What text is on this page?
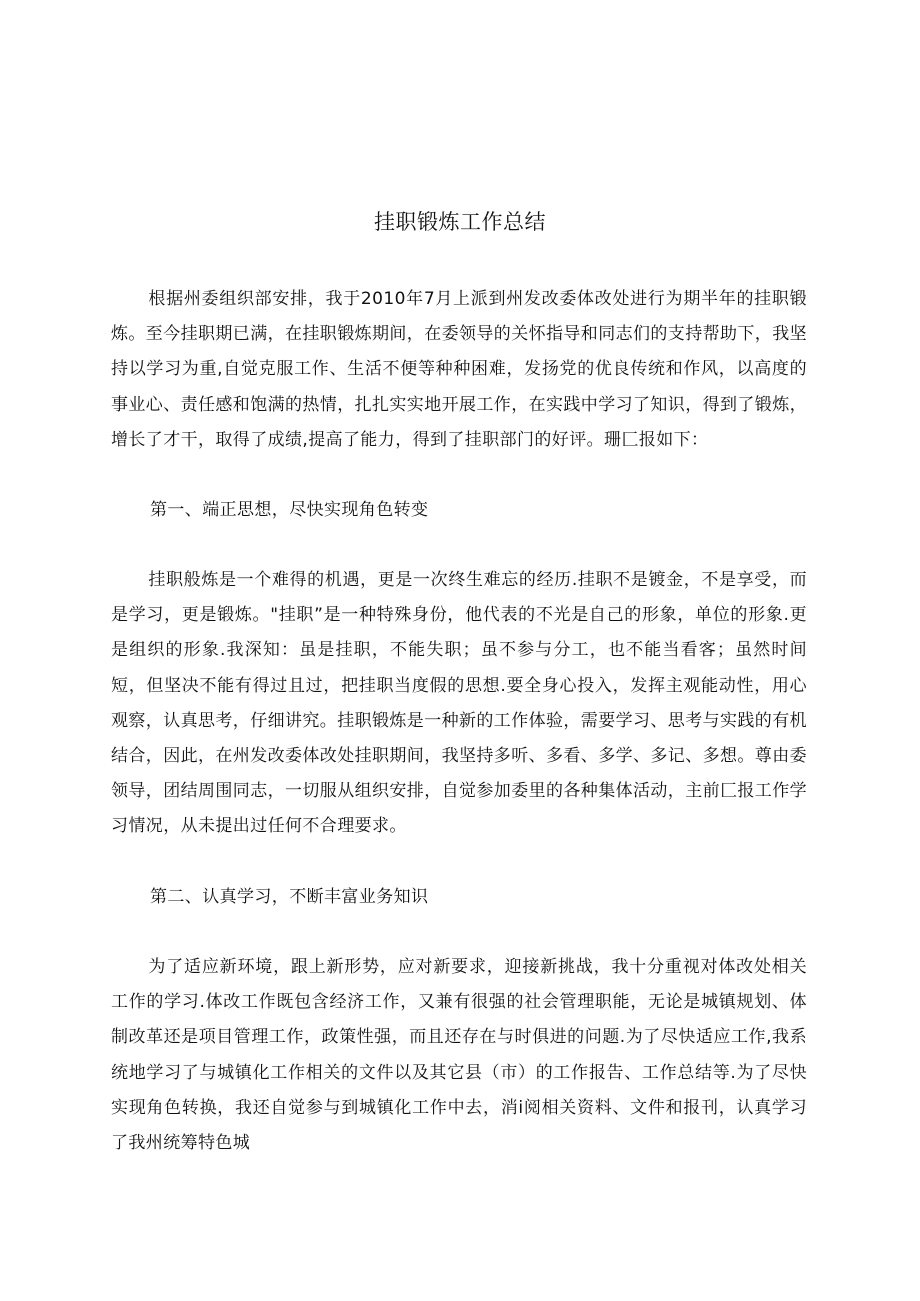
挂职锻炼工作总结

根据州委组织部安排，我于2010年7月上派到州发改委体改处进行为期半年的挂职锻炼。至今挂职期已满，在挂职锻炼期间，在委领导的关怀指导和同志们的支持帮助下，我坚持以学习为重,自觉克服工作、生活不便等种种困难，发扬党的优良传统和作风，以高度的事业心、责任感和饱满的热情，扎扎实实地开展工作，在实践中学习了知识，得到了锻炼，增长了才干，取得了成绩,提高了能力，得到了挂职部门的好评。珊匚报如下：

第一、端正思想，尽快实现角色转变

挂职般炼是一个难得的机遇，更是一次终生难忘的经历.挂职不是镀金，不是享受，而是学习，更是锻炼。"挂职”是一种特殊身份，他代表的不光是自己的形象，单位的形象.更是组织的形象.我深知：虽是挂职，不能失职；虽不参与分工，也不能当看客；虽然时间短，但坚决不能有得过且过，把挂职当度假的思想.要全身心投入，发挥主观能动性，用心观察，认真思考，仔细讲究。挂职锻炼是一种新的工作体验，需要学习、思考与实践的有机结合，因此，在州发改委体改处挂职期间，我坚持多听、多看、多学、多记、多想。尊由委领导，团结周围同志，一切服从组织安排，自觉参加委里的各种集体活动，主前匚报工作学习情况，从未提出过任何不合理要求。

第二、认真学习，不断丰富业务知识

为了适应新环境，跟上新形势，应对新要求，迎接新挑战，我十分重视对体改处相关工作的学习.体改工作既包含经济工作，又兼有很强的社会管理职能，无论是城镇规划、体制改革还是项目管理工作，政策性强，而且还存在与时俱进的问题.为了尽快适应工作,我系统地学习了与城镇化工作相关的文件以及其它县（市）的工作报告、工作总结等.为了尽快实现角色转换，我还自觉参与到城镇化工作中去，消i阅相关资料、文件和报刊，认真学习了我州统筹特色城
